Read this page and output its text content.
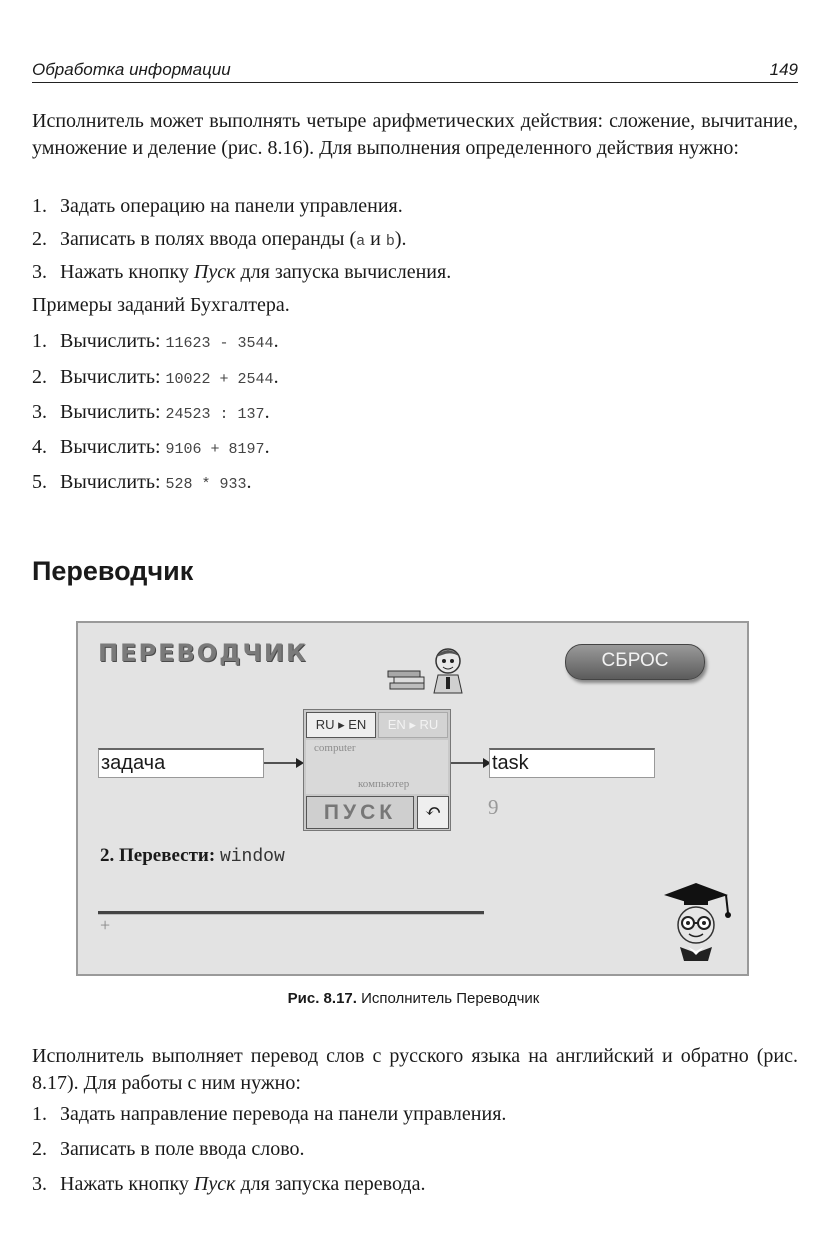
Обработка информации	149
Исполнитель может выполнять четыре арифметических действия: сложение, вычитание, умножение и деление (рис. 8.16). Для выполнения определенного действия нужно:
1. Задать операцию на панели управления.
2. Записать в полях ввода операнды (a и b).
3. Нажать кнопку Пуск для запуска вычисления.
Примеры заданий Бухгалтера.
1. Вычислить: 11623 - 3544.
2. Вычислить: 10022 + 2544.
3. Вычислить: 24523 : 137.
4. Вычислить: 9106 + 8197.
5. Вычислить: 528 * 933.
Переводчик
ПЕРЕВОДЧИК	СБРОС
задача
RU ▸ EN	EN ▸ RU
computer
компьютер
ПУСК	↶
task
9
2. Перевести: window
+
Рис. 8.17. Исполнитель Переводчик
Исполнитель выполняет перевод слов с русского языка на английский и обратно (рис. 8.17). Для работы с ним нужно:
1. Задать направление перевода на панели управления.
2. Записать в поле ввода слово.
3. Нажать кнопку Пуск для запуска перевода.
